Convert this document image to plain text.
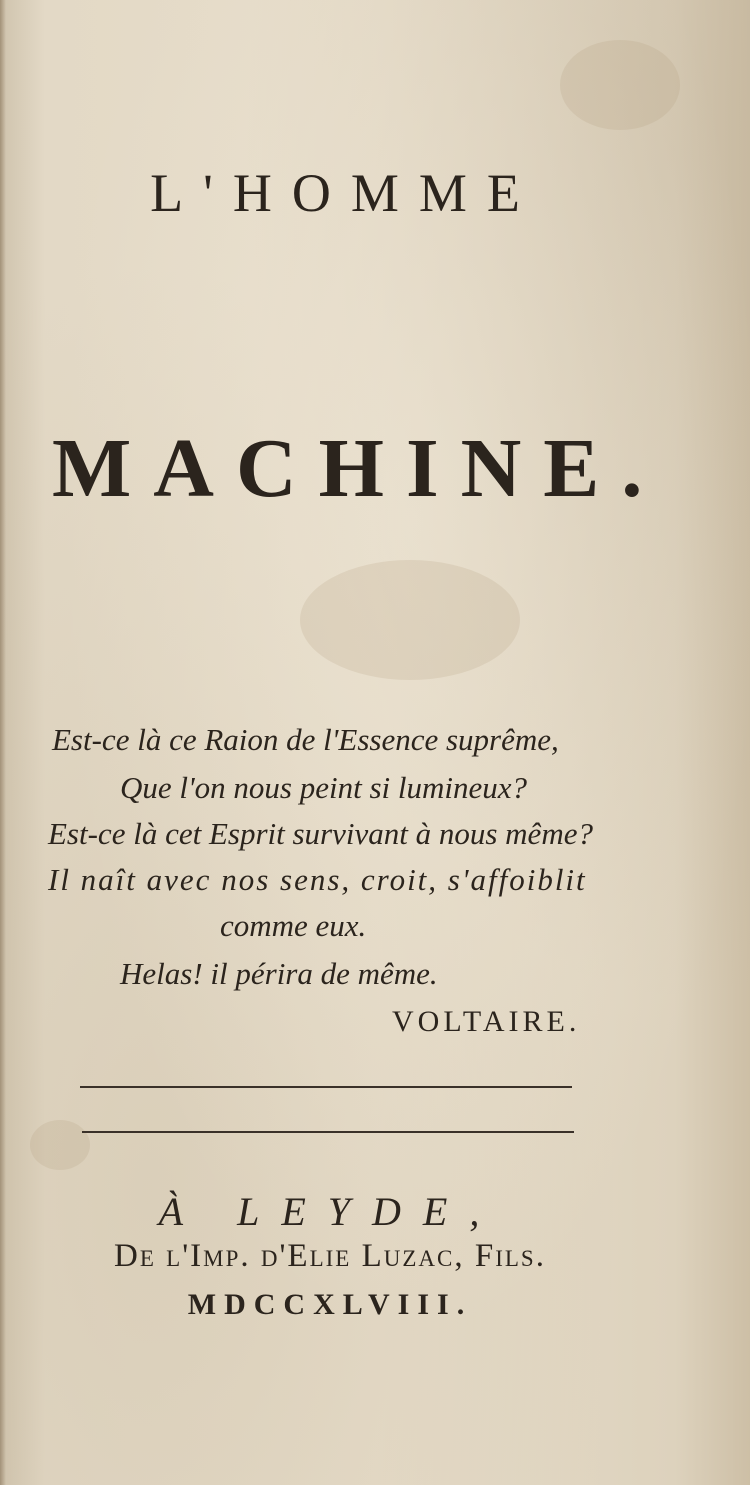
L'HOMME
MACHINE.
Est-ce là ce Raion de l'Essence suprême,
Que l'on nous peint si lumineux?
Est-ce là cet Esprit survivant à nous même?
Il naît avec nos sens, croit, s'affoiblit
comme eux.
Helas! il périra de même.
VOLTAIRE.
À LEYDE,
De l'Imp. d'Elie Luzac, Fils.
MDCCXLVIII.
